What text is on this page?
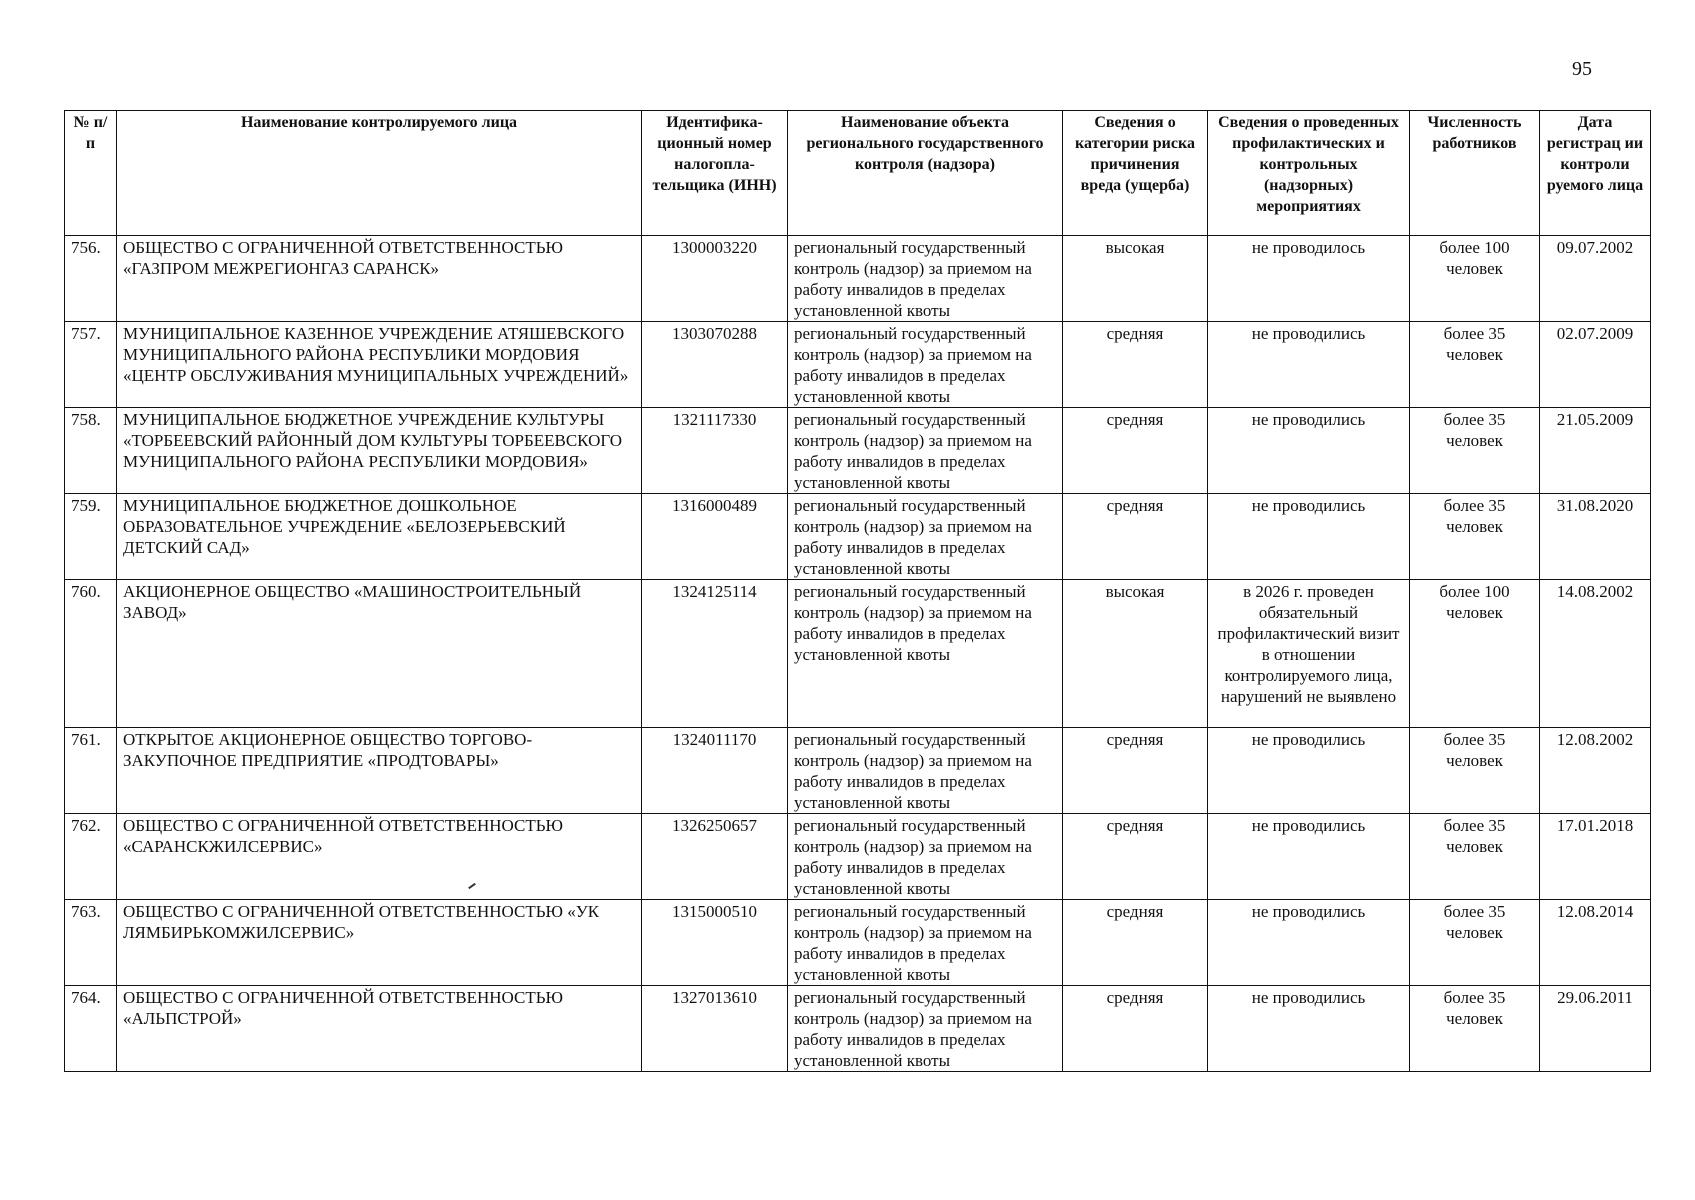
95
№ п/п	Наименование контролируемого лица	Идентифика- ционный номер налогопла- тельщика (ИНН)	Наименование объекта регионального государственного контроля (надзора)	Сведения о категории риска причинения вреда (ущерба)	Сведения о проведенных профилактических и контрольных (надзорных) мероприятиях	Численность работников	Дата регистрац ии контроли руемого лица
756.	ОБЩЕСТВО С ОГРАНИЧЕННОЙ ОТВЕТСТВЕННОСТЬЮ «ГАЗПРОМ МЕЖРЕГИОНГАЗ САРАНСК»	1300003220	региональный государственный контроль (надзор) за приемом на работу инвалидов в пределах установленной квоты	высокая	не проводилось	более 100 человек	09.07.2002
757.	МУНИЦИПАЛЬНОЕ КАЗЕННОЕ УЧРЕЖДЕНИЕ АТЯШЕВСКОГО МУНИЦИПАЛЬНОГО РАЙОНА РЕСПУБЛИКИ МОРДОВИЯ «ЦЕНТР ОБСЛУЖИВАНИЯ МУНИЦИПАЛЬНЫХ УЧРЕЖДЕНИЙ»	1303070288	региональный государственный контроль (надзор) за приемом на работу инвалидов в пределах установленной квоты	средняя	не проводились	более 35 человек	02.07.2009
758.	МУНИЦИПАЛЬНОЕ БЮДЖЕТНОЕ УЧРЕЖДЕНИЕ КУЛЬТУРЫ «ТОРБЕЕВСКИЙ РАЙОННЫЙ ДОМ КУЛЬТУРЫ ТОРБЕЕВСКОГО МУНИЦИПАЛЬНОГО РАЙОНА РЕСПУБЛИКИ МОРДОВИЯ»	1321117330	региональный государственный контроль (надзор) за приемом на работу инвалидов в пределах установленной квоты	средняя	не проводились	более 35 человек	21.05.2009
759.	МУНИЦИПАЛЬНОЕ БЮДЖЕТНОЕ ДОШКОЛЬНОЕ ОБРАЗОВАТЕЛЬНОЕ УЧРЕЖДЕНИЕ «БЕЛОЗЕРЬЕВСКИЙ ДЕТСКИЙ САД»	1316000489	региональный государственный контроль (надзор) за приемом на работу инвалидов в пределах установленной квоты	средняя	не проводились	более 35 человек	31.08.2020
760.	АКЦИОНЕРНОЕ ОБЩЕСТВО «МАШИНОСТРОИТЕЛЬНЫЙ ЗАВОД»	1324125114	региональный государственный контроль (надзор) за приемом на работу инвалидов в пределах установленной квоты	высокая	в 2026 г. проведен обязательный профилактический визит в отношении контролируемого лица, нарушений не выявлено	более 100 человек	14.08.2002
761.	ОТКРЫТОЕ АКЦИОНЕРНОЕ ОБЩЕСТВО ТОРГОВО-ЗАКУПОЧНОЕ ПРЕДПРИЯТИЕ «ПРОДТОВАРЫ»	1324011170	региональный государственный контроль (надзор) за приемом на работу инвалидов в пределах установленной квоты	средняя	не проводились	более 35 человек	12.08.2002
762.	ОБЩЕСТВО С ОГРАНИЧЕННОЙ ОТВЕТСТВЕННОСТЬЮ «САРАНСКЖИЛСЕРВИС»	1326250657	региональный государственный контроль (надзор) за приемом на работу инвалидов в пределах установленной квоты	средняя	не проводились	более 35 человек	17.01.2018
763.	ОБЩЕСТВО С ОГРАНИЧЕННОЙ ОТВЕТСТВЕННОСТЬЮ «УК ЛЯМБИРЬКОМЖИЛСЕРВИС»	1315000510	региональный государственный контроль (надзор) за приемом на работу инвалидов в пределах установленной квоты	средняя	не проводились	более 35 человек	12.08.2014
764.	ОБЩЕСТВО С ОГРАНИЧЕННОЙ ОТВЕТСТВЕННОСТЬЮ «АЛЬПСТРОЙ»	1327013610	региональный государственный контроль (надзор) за приемом на работу инвалидов в пределах установленной квоты	средняя	не проводились	более 35 человек	29.06.2011
